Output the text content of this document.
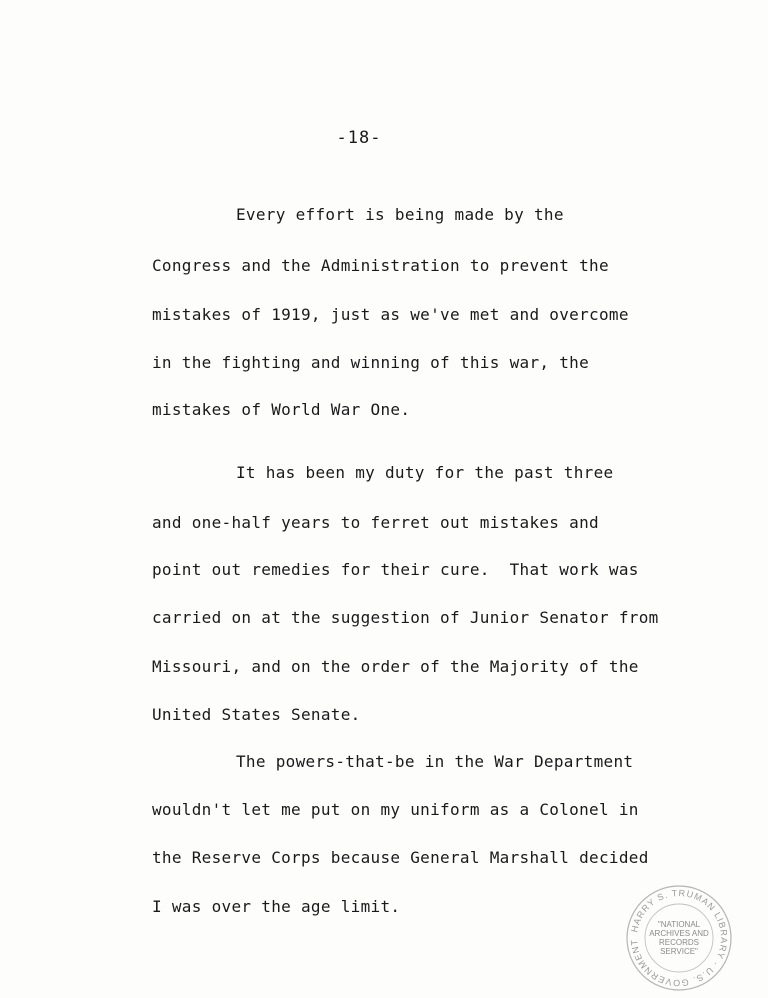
-18-
Every effort is being made by the
Congress and the Administration to prevent the
mistakes of 1919, just as we've met and overcome
in the fighting and winning of this war, the
mistakes of World War One.
It has been my duty for the past three
and one-half years to ferret out mistakes and
point out remedies for their cure.  That work was
carried on at the suggestion of Junior Senator from
Missouri, and on the order of the Majority of the
United States Senate.
The powers-that-be in the War Department
wouldn't let me put on my uniform as a Colonel in
the Reserve Corps because General Marshall decided
I was over the age limit.
HARRY S. TRUMAN LIBRARY · U.S. GOVERNMENT
"NATIONAL
ARCHIVES AND
RECORDS
SERVICE"
